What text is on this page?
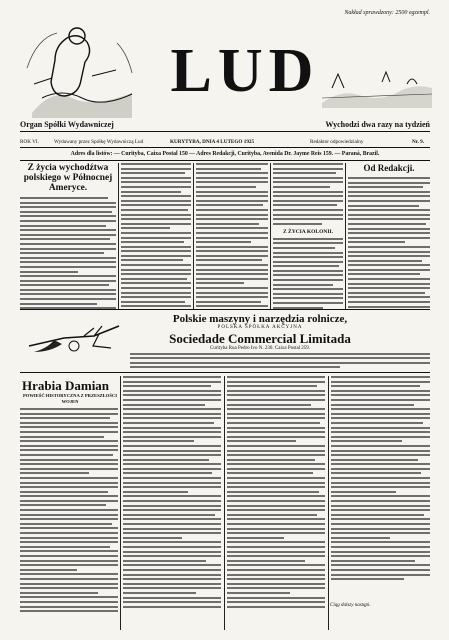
Nakład sprawdzony: 2500 egzempl.
LUD
Organ Spółki Wydawniczej	Wychodzi dwa razy na tydzień
ROK VI.	Wydawany przez Spółkę Wydawniczą Lud	KURYTYBA, DNIA 4 LUTEGO 1925	Redaktor odpowiedzialny	Nr. 9.
Adres dla listów: — Curityba, Caixa Postal 150 — Adres Redakcji, Curityba, Avenida Dr. Jayme Reis 159. — Paraná, Brazil.
Z życia wychodźtwa polskiego w Północnej Ameryce.
Z ŻYCIA KOLONII.
Od Redakcji.
Polskie maszyny i narzędzia rolnicze,
POLSKA SPÓŁKA AKCYJNA
Sociedade Commercial Limitada
Curityba Rua Pedro Ivo N. 230. Caixa Postal 259.
Hrabia Damian
POWIEŚĆ HISTORYCZNA Z PRZESZŁOŚCI WOJEN
Ciąg dalszy nastąpi.
